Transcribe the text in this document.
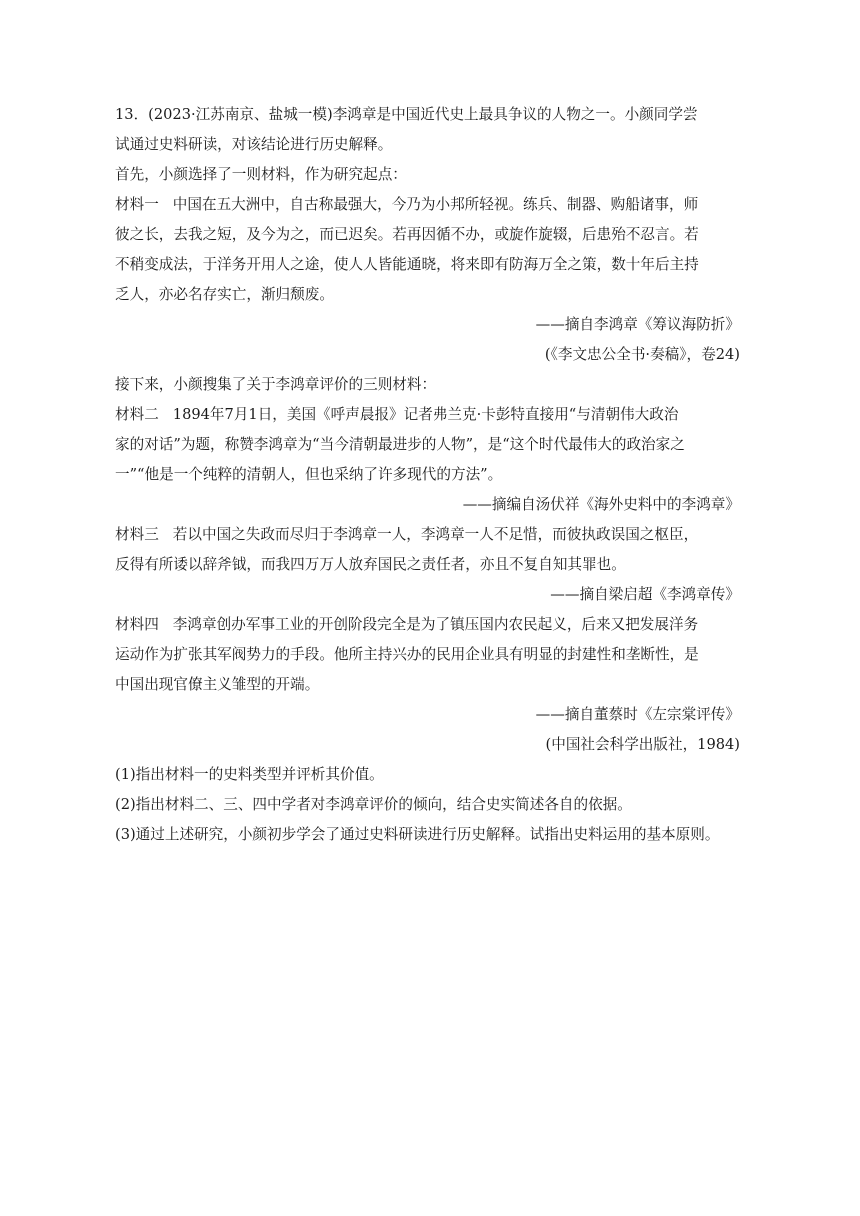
13．(2023·江苏南京、盐城一模)李鸿章是中国近代史上最具争议的人物之一。小颜同学尝
试通过史料研读，对该结论进行历史解释。
首先，小颜选择了一则材料，作为研究起点：
材料一 中国在五大洲中，自古称最强大，今乃为小邦所轻视。练兵、制器、购船诸事，师
彼之长，去我之短，及今为之，而已迟矣。若再因循不办，或旋作旋辍，后患殆不忍言。若
不稍变成法，于洋务开用人之途，使人人皆能通晓，将来即有防海万全之策，数十年后主持
乏人，亦必名存实亡，渐归颓废。
——摘自李鸿章《筹议海防折》
(《李文忠公全书·奏稿》，卷24)
接下来，小颜搜集了关于李鸿章评价的三则材料：
材料二 1894年7月1日，美国《呼声晨报》记者弗兰克·卡彭特直接用“与清朝伟大政治
家的对话”为题，称赞李鸿章为“当今清朝最进步的人物”，是“这个时代最伟大的政治家之
一”“他是一个纯粹的清朝人，但也采纳了许多现代的方法”。
——摘编自汤伏祥《海外史料中的李鸿章》
材料三 若以中国之失政而尽归于李鸿章一人，李鸿章一人不足惜，而彼执政误国之枢臣，
反得有所诿以辞斧钺，而我四万万人放弃国民之责任者，亦且不复自知其罪也。
——摘自梁启超《李鸿章传》
材料四 李鸿章创办军事工业的开创阶段完全是为了镇压国内农民起义，后来又把发展洋务
运动作为扩张其军阀势力的手段。他所主持兴办的民用企业具有明显的封建性和垄断性，是
中国出现官僚主义雏型的开端。
——摘自董蔡时《左宗棠评传》
(中国社会科学出版社，1984)
(1)指出材料一的史料类型并评析其价值。
(2)指出材料二、三、四中学者对李鸿章评价的倾向，结合史实简述各自的依据。
(3)通过上述研究，小颜初步学会了通过史料研读进行历史解释。试指出史料运用的基本原则。
